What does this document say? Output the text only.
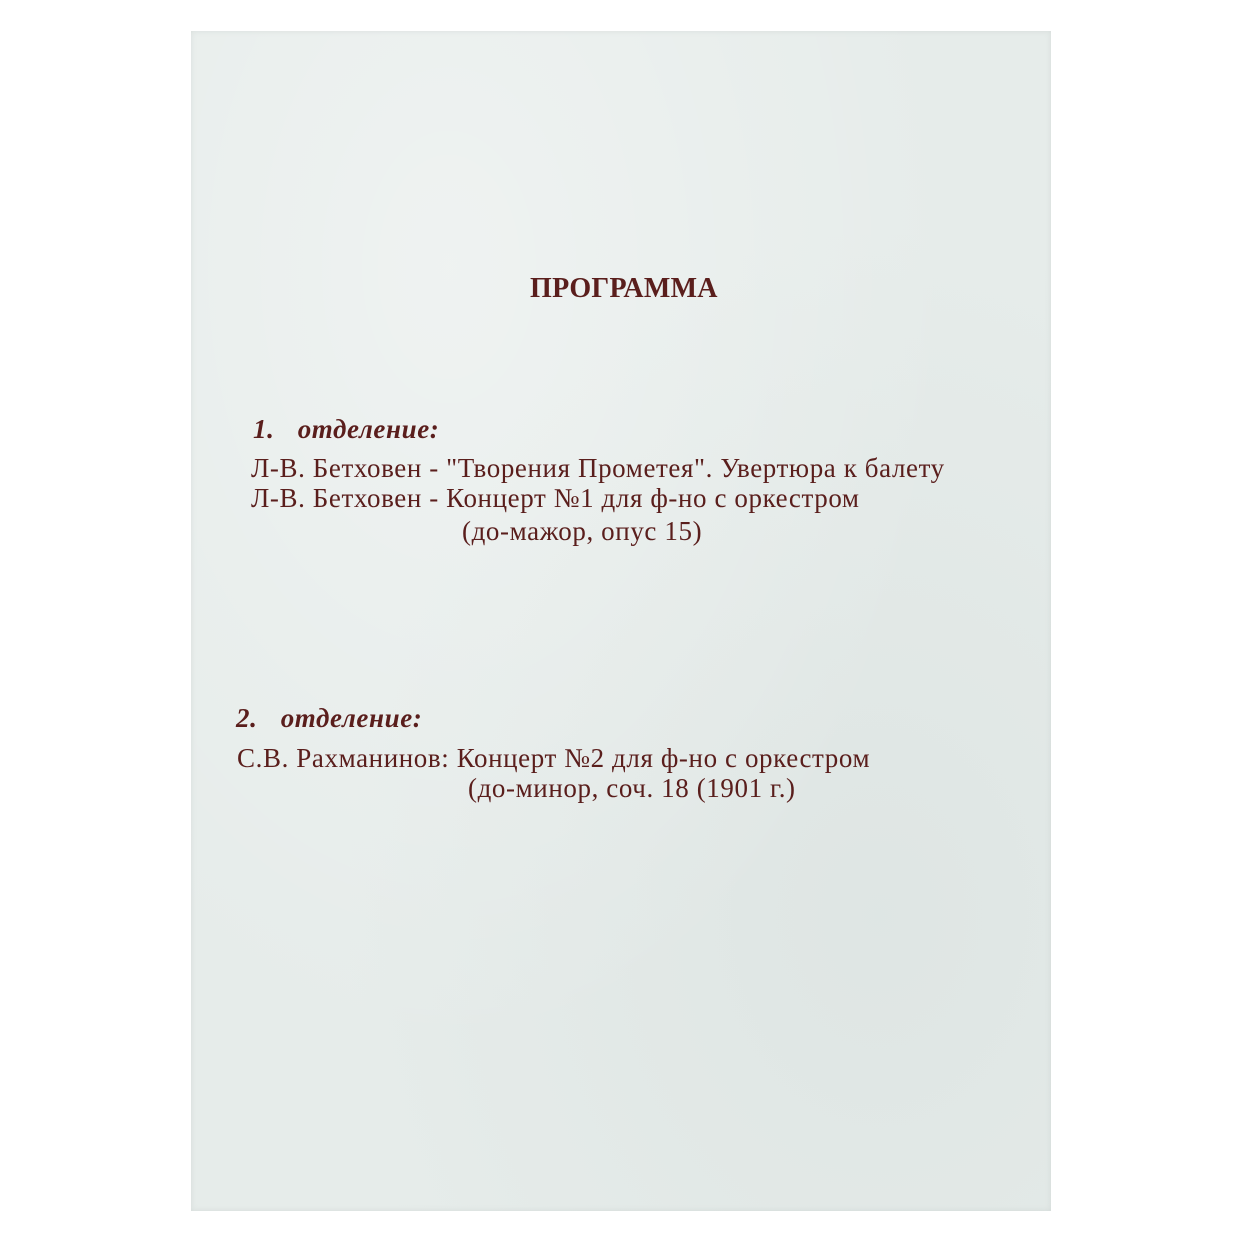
ПРОГРАММА

1. отделение:

Л-В. Бетховен - "Творения Прометея". Увертюра к балету

Л-В. Бетховен - Концерт №1 для ф-но с оркестром

(до-мажор, опус 15)

2. отделение:

С.В. Рахманинов: Концерт №2 для ф-но с оркестром

(до-минор, соч. 18 (1901 г.)
